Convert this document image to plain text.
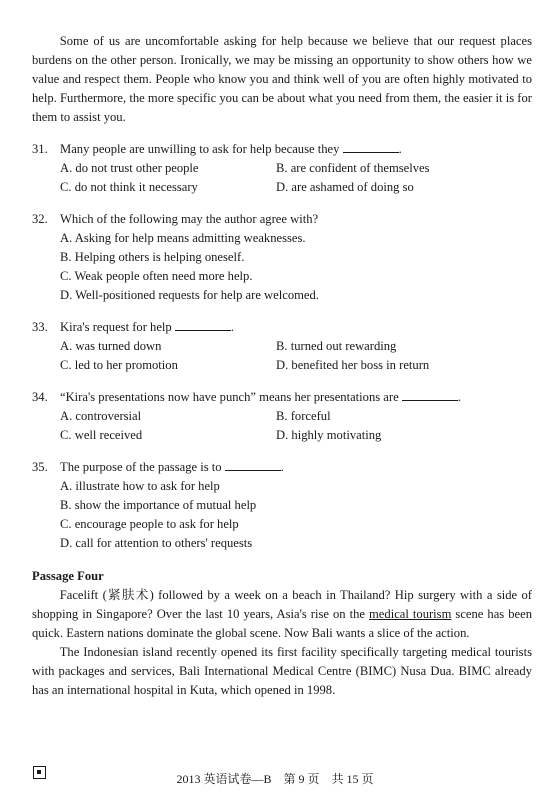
Some of us are uncomfortable asking for help because we believe that our request places burdens on the other person. Ironically, we may be missing an opportunity to show others how we value and respect them. People who know you and think well of you are often highly motivated to help. Furthermore, the more specific you can be about what you need from them, the easier it is for them to assist you.

31. Many people are unwilling to ask for help because they	.
A. do not trust other people	B. are confident of themselves
C. do not think it necessary	D. are ashamed of doing so
32. Which of the following may the author agree with?
A. Asking for help means admitting weaknesses.
B. Helping others is helping oneself.
C. Weak people often need more help.
D. Well-positioned requests for help are welcomed.
33. Kira's request for help	.
A. was turned down	B. turned out rewarding
C. led to her promotion	D. benefited her boss in return
34. “Kira's presentations now have punch” means her presentations are	.
A. controversial	B. forceful
C. well received	D. highly motivating
35. The purpose of the passage is to	.
A. illustrate how to ask for help
B. show the importance of mutual help
C. encourage people to ask for help
D. call for attention to others' requests
Passage Four

Facelift (紧肤术) followed by a week on a beach in Thailand? Hip surgery with a side of shopping in Singapore? Over the last 10 years, Asia's rise on the medical tourism scene has been quick. Eastern nations dominate the global scene. Now Bali wants a slice of the action.

The Indonesian island recently opened its first facility specifically targeting medical tourists with packages and services, Bali International Medical Centre (BIMC) Nusa Dua. BIMC already has an international hospital in Kuta, which opened in 1998.

2013 英语试卷—B　第 9 页　共 15 页
